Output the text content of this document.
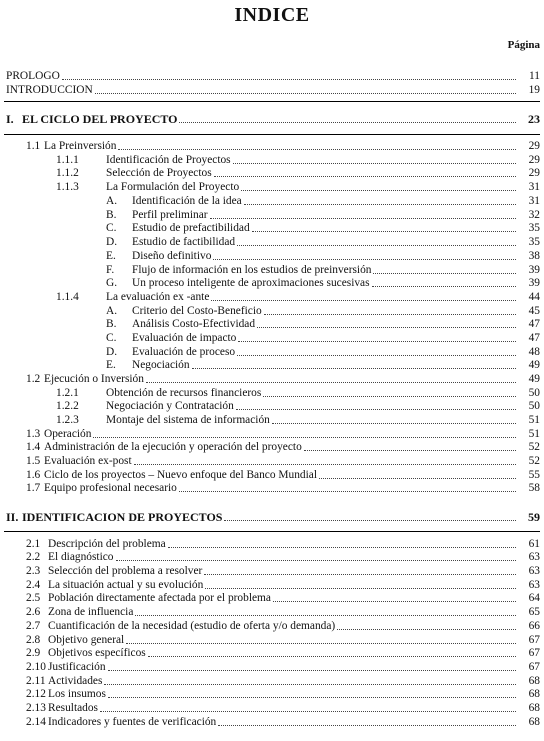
INDICE
Página
PROLOGO	11
INTRODUCCION	19
I. EL CICLO DEL PROYECTO	23
1.1 La Preinversión	29
1.1.1	Identificación de Proyectos	29
1.1.2	Selección de Proyectos	29
1.1.3	La Formulación del Proyecto	31
A.	Identificación de la idea	31
B.	Perfil preliminar	32
C.	Estudio de prefactibilidad	35
D.	Estudio de factibilidad	35
E.	Diseño definitivo	38
F.	Flujo de información en los estudios de preinversión	39
G.	Un proceso inteligente de aproximaciones sucesivas	39
1.1.4	La evaluación ex -ante	44
A.	Criterio del Costo-Beneficio	45
B.	Análisis Costo-Efectividad	47
C.	Evaluación de impacto	47
D.	Evaluación de proceso	48
E.	Negociación	49
1.2 Ejecución o Inversión	49
1.2.1	Obtención de recursos financieros	50
1.2.2	Negociación y Contratación	50
1.2.3	Montaje del sistema de información	51
1.3 Operación	51
1.4 Administración de la ejecución y operación del proyecto	52
1.5 Evaluación ex-post	52
1.6 Ciclo de los proyectos – Nuevo enfoque del Banco Mundial	55
1.7 Equipo profesional necesario	58
II. IDENTIFICACION DE PROYECTOS	59
2.1 Descripción del problema	61
2.2 El diagnóstico	63
2.3 Selección del problema a resolver	63
2.4 La situación actual y su evolución	63
2.5 Población directamente afectada por el problema	64
2.6 Zona de influencia	65
2.7 Cuantificación de la necesidad (estudio de oferta y/o demanda)	66
2.8 Objetivo general	67
2.9 Objetivos específicos	67
2.10 Justificación	67
2.11 Actividades	68
2.12 Los insumos	68
2.13 Resultados	68
2.14 Indicadores y fuentes de verificación	68
